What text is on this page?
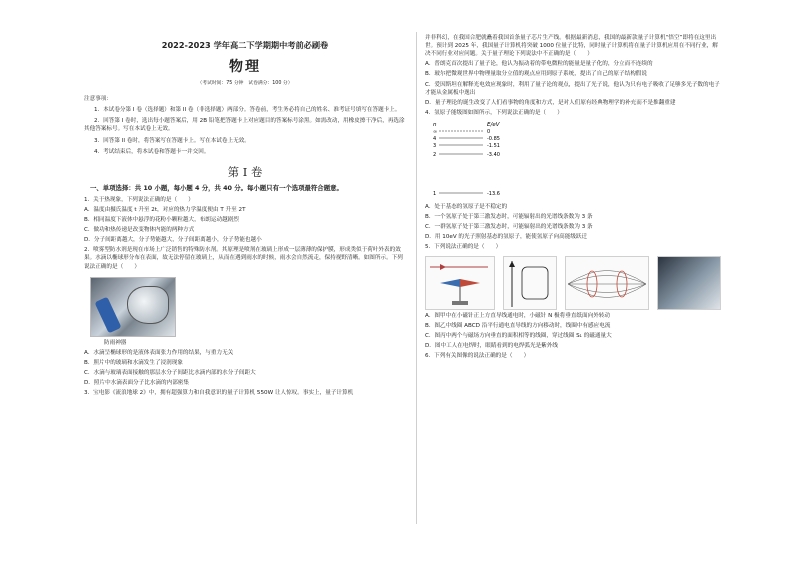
2022-2023 学年高二下学期期中考前必刷卷

物理

（考试时间：75 分钟　试卷满分：100 分）

注意事项：

1．本试卷分第 I 卷（选择题）和第 II 卷（非选择题）两部分。答卷前，考生务必将自己的姓名、准考证号填写在答题卡上。

2．回答第 I 卷时，选出每小题答案后，用 2B 铅笔把答题卡上对应题目的答案标号涂黑。如需改动，用橡皮擦干净后，再选涂其他答案标号。写在本试卷上无效。

3．回答第 II 卷时，将答案写在答题卡上。写在本试卷上无效。

4．考试结束后，将本试卷和答题卡一并交回。

第 I 卷

一、单项选择：共 10 小题，每小题 4 分，共 40 分。每小题只有一个选项最符合题意。

1．关于热现象，下列说法正确的是（　　）

A．温度由摄氏温度 t 升至 2t，对应的热力学温度便由 T 升至 2T

B．相同温度下液体中悬浮的花粉小颗粒越大，布朗运动越剧烈

C．做功和热传递是改变物体内能的两种方式

D．分子间距离越大，分子势能越大，分子间距离越小，分子势能也越小

2．喷雾型防水剂是现在市场上广泛销售的特殊防水剂。其原理是喷剂在玻璃上形成一层薄薄的保护膜，形成类似于荷叶外表的效果。水滴以椭球形分布在表面，故无法停留在玻璃上，从而在遇到雨水的时候，雨水会自然流走，保持视野清晰。如图所示。下列说法正确的是（　　）

防雨神器

A．水滴呈椭球形的是液体表面张力作用的结果，与重力无关

B．照片中的玻璃和水滴发生了浸润现象

C．水滴与玻璃表面接触的那层水分子间距比水滴内部的水分子间距大

D．照片中水滴表面分子比水滴的内部密集

3．宝电影《流浪地球 2》中，拥有超强算力和自我意识的量子计算机 550W 让人惊叹。事实上，量子计算机

并非科幻，在我国合肥就矗着我国首条量子芯片生产线。根据最新消息，我国的最新款量子计算机“悟空”即将在这里出世。预计到 2025 年，我国量子计算机将突破 1000 位量子比特，同时量子计算机将在量子计算机应用在不同行业，解决不同行业对应问题。关于量子理论下列说法中不正确的是（　　）

A．普朗克首次提出了量子论，他认为振动着的带电微粒的能量是量子化的，分立而不连续的

B．玻尔把微观世界中物理量取分立值的观点应用到原子系统，提出了自己的原子结构假说

C．爱因斯坦在解释光电效应现象时，利用了量子论的观点，提出了光子说，他认为只有电子吸收了足够多光子数的电子才能从金属板中逸出

D．量子理论的诞生改变了人们看事物的角度和方式，是对人们原有经典物理学的补充而不是推翻重建

4．氢原子能级图如图所示，下列说法正确的是（　　）

n	E/eV
∞	0
4	-0.85
3	-1.51
2	-3.40
1	-13.6

A．处于基态的氢原子是不稳定的

B．一个氢原子处于第三激发态时，可能辐射出的光谱线条数为 3 条

C．一群氢原子处于第三激发态时，可能辐射出的光谱线条数为 3 条

D．用 10eV 的光子照射基态的氢原子，能使氢原子向高能级跃迁

5．下列说法正确的是（　　）

A．图甲中在小磁针正上方直导线通电时，小磁针 N 极将垂直纸面向外转动

B．图乙中线圈 ABCD 沿平行通电直导线的方向移动时，线圈中有感应电流

C．图丙中两个与磁场方向垂直的面积相等的线圈，穿过线圈 S₁ 的磁通量大

D．图中工人在电焊时，眼睛看到的电焊弧光是紫外线

6．下列有关图像的说法正确的是（　　）
